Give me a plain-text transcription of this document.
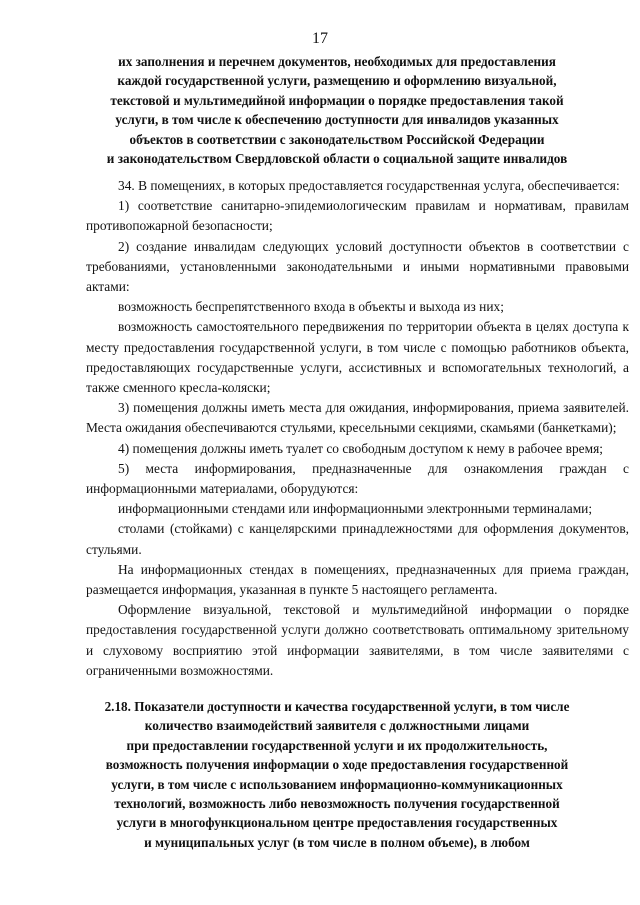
17
их заполнения и перечнем документов, необходимых для предоставления
каждой государственной услуги, размещению и оформлению визуальной,
текстовой и мультимедийной информации о порядке предоставления такой
услуги, в том числе к обеспечению доступности для инвалидов указанных
объектов в соответствии с законодательством Российской Федерации
и законодательством Свердловской области о социальной защите инвалидов

34. В помещениях, в которых предоставляется государственная услуга, обеспечивается:

1) соответствие санитарно-эпидемиологическим правилам и нормативам, правилам противопожарной безопасности;

2) создание инвалидам следующих условий доступности объектов в соответствии с требованиями, установленными законодательными и иными нормативными правовыми актами:

возможность беспрепятственного входа в объекты и выхода из них;

возможность самостоятельного передвижения по территории объекта в целях доступа к месту предоставления государственной услуги, в том числе с помощью работников объекта, предоставляющих государственные услуги, ассистивных и вспомогательных технологий, а также сменного кресла-коляски;

3) помещения должны иметь места для ожидания, информирования, приема заявителей. Места ожидания обеспечиваются стульями, кресельными секциями, скамьями (банкетками);

4) помещения должны иметь туалет со свободным доступом к нему в рабочее время;

5) места информирования, предназначенные для ознакомления граждан с информационными материалами, оборудуются:

информационными стендами или информационными электронными терминалами;

столами (стойками) с канцелярскими принадлежностями для оформления документов, стульями.

На информационных стендах в помещениях, предназначенных для приема граждан, размещается информация, указанная в пункте 5 настоящего регламента.

Оформление визуальной, текстовой и мультимедийной информации о порядке предоставления государственной услуги должно соответствовать оптимальному зрительному и слуховому восприятию этой информации заявителями, в том числе заявителями с ограниченными возможностями.

2.18. Показатели доступности и качества государственной услуги, в том числе
количество взаимодействий заявителя с должностными лицами
при предоставлении государственной услуги и их продолжительность,
возможность получения информации о ходе предоставления государственной
услуги, в том числе с использованием информационно-коммуникационных
технологий, возможность либо невозможность получения государственной
услуги в многофункциональном центре предоставления государственных
и муниципальных услуг (в том числе в полном объеме), в любом
